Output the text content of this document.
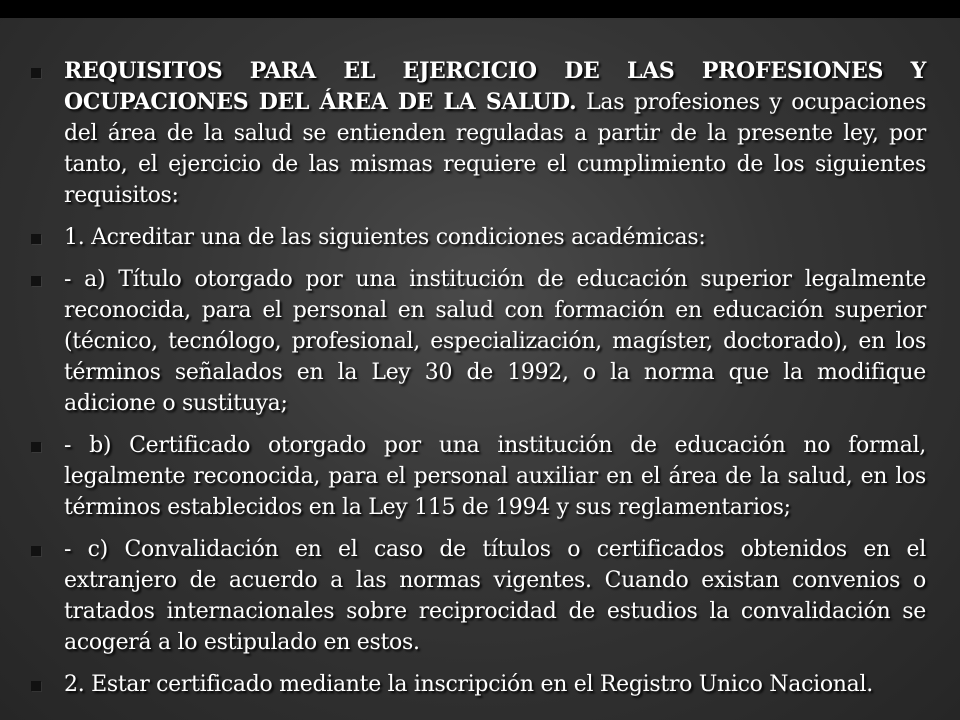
REQUISITOS PARA EL EJERCICIO DE LAS PROFESIONES Y OCUPACIONES DEL ÁREA DE LA SALUD. Las profesiones y ocupaciones del área de la salud se entienden reguladas a partir de la presente ley, por tanto, el ejercicio de las mismas requiere el cumplimiento de los siguientes requisitos:
1. Acreditar una de las siguientes condiciones académicas:
- a) Título otorgado por una institución de educación superior legalmente reconocida, para el personal en salud con formación en educación superior (técnico, tecnólogo, profesional, especialización, magíster, doctorado), en los términos señalados en la Ley 30 de 1992, o la norma que la modifique adicione o sustituya;
- b) Certificado otorgado por una institución de educación no formal, legalmente reconocida, para el personal auxiliar en el área de la salud, en los términos establecidos en la Ley 115 de 1994 y sus reglamentarios;
- c) Convalidación en el caso de títulos o certificados obtenidos en el extranjero de acuerdo a las normas vigentes. Cuando existan convenios o tratados internacionales sobre reciprocidad de estudios la convalidación se acogerá a lo estipulado en estos.
2. Estar certificado mediante la inscripción en el Registro Unico Nacional.
